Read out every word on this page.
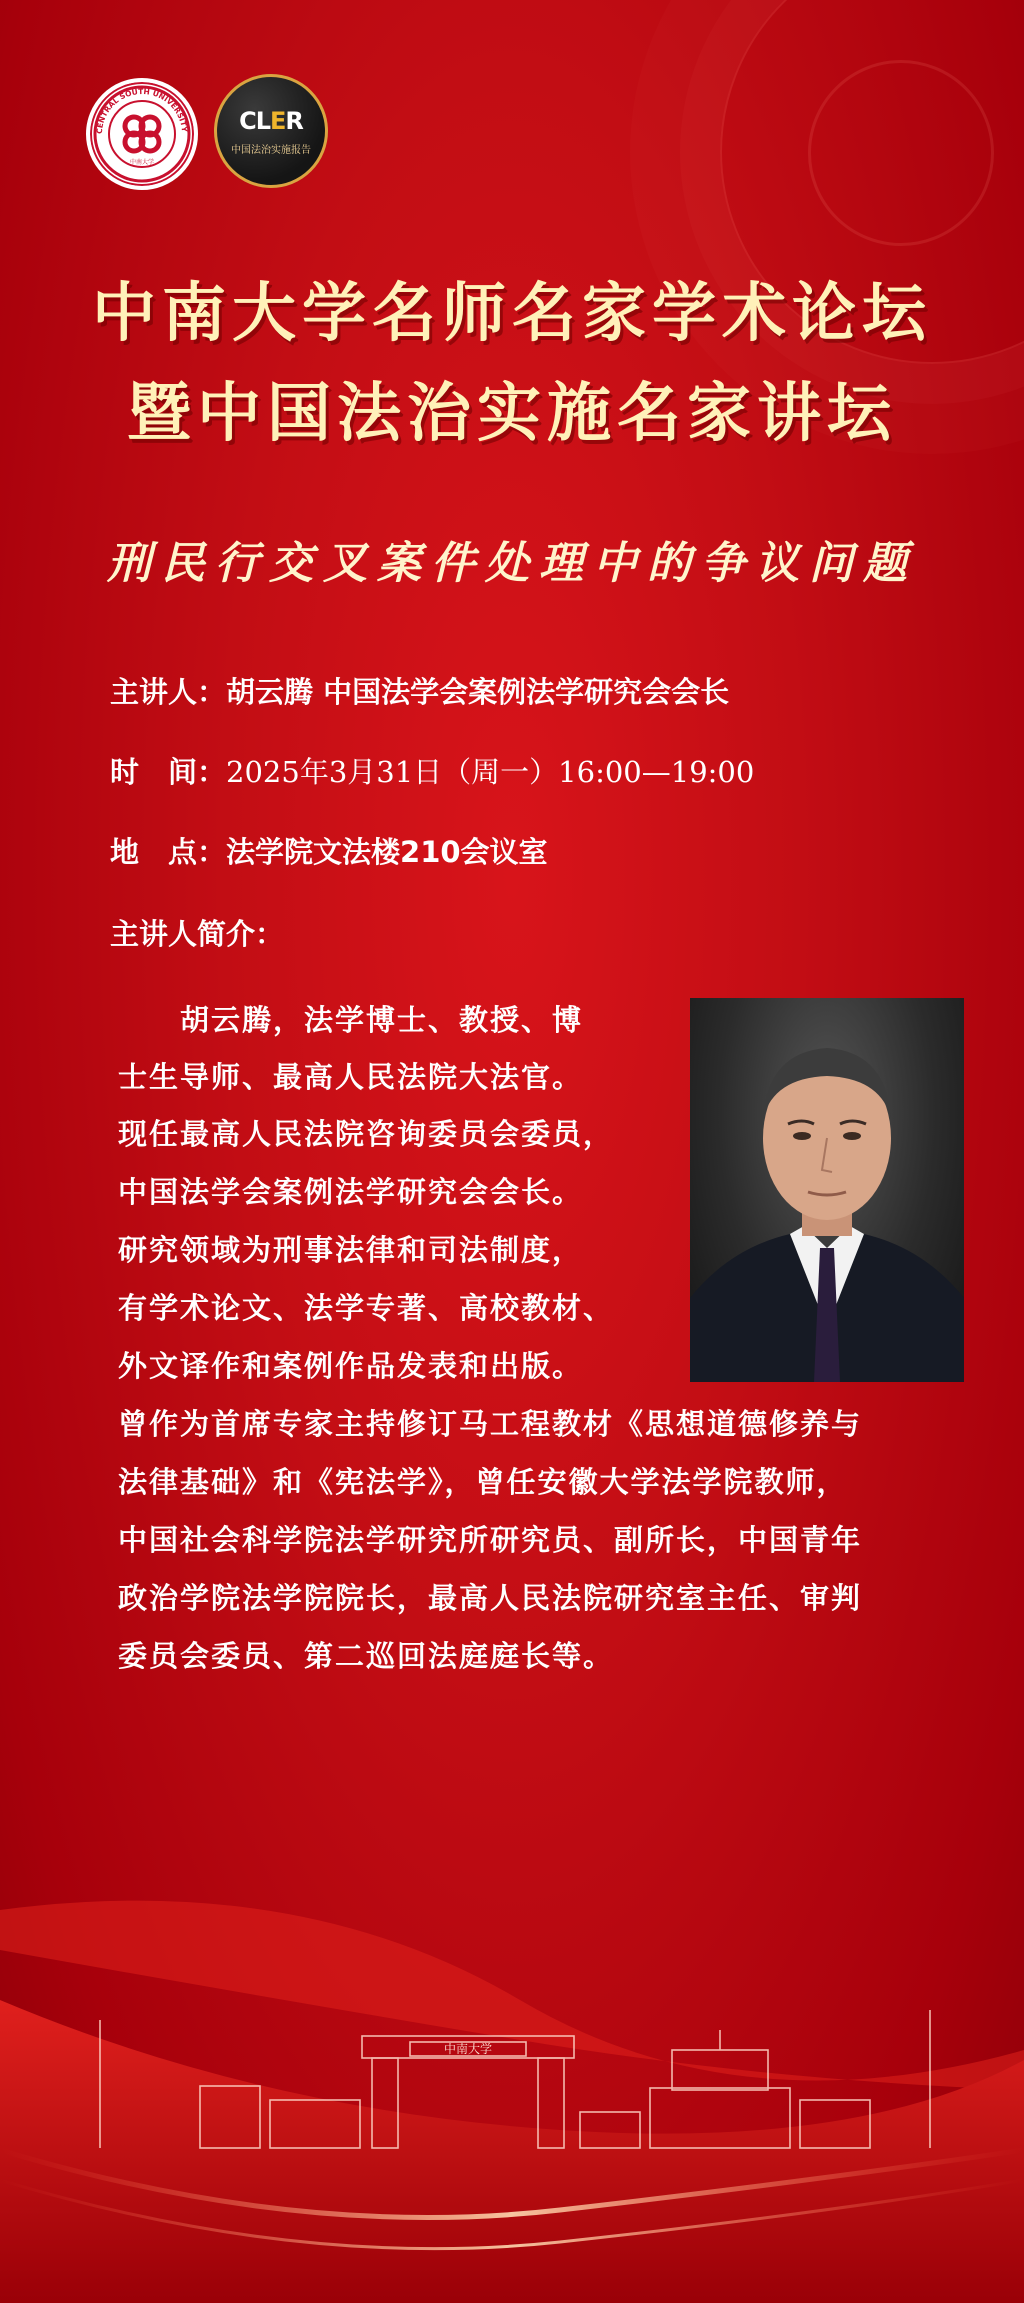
CENTRAL SOUTH UNIVERSITY
中南大学
CLER
中国法治实施报告
中南大学名师名家学术论坛
暨中国法治实施名家讲坛
刑民行交叉案件处理中的争议问题
主讲人：胡云腾 中国法学会案例法学研究会会长
时　间：2025年3月31日（周一）16:00—19:00
地　点：法学院文法楼210会议室
主讲人简介：
　　胡云腾，法学博士、教授、博
士生导师、最高人民法院大法官。
现任最高人民法院咨询委员会委员，
中国法学会案例法学研究会会长。
研究领域为刑事法律和司法制度，
有学术论文、法学专著、高校教材、
外文译作和案例作品发表和出版。
曾作为首席专家主持修订马工程教材《思想道德修养与
法律基础》和《宪法学》，曾任安徽大学法学院教师，
中国社会科学院法学研究所研究员、副所长，中国青年
政治学院法学院院长，最高人民法院研究室主任、审判
委员会委员、第二巡回法庭庭长等。
中南大学
